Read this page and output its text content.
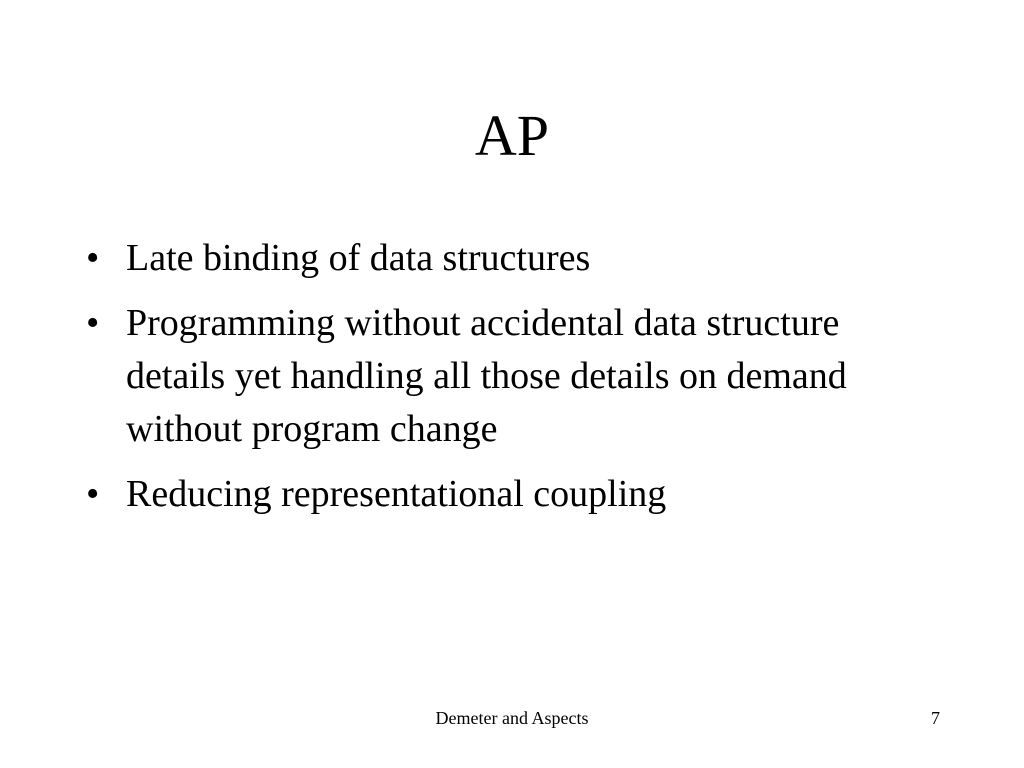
AP
• Late binding of data structures
• Programming without accidental data structure details yet handling all those details on demand without program change
• Reducing representational coupling
Demeter and Aspects	7
